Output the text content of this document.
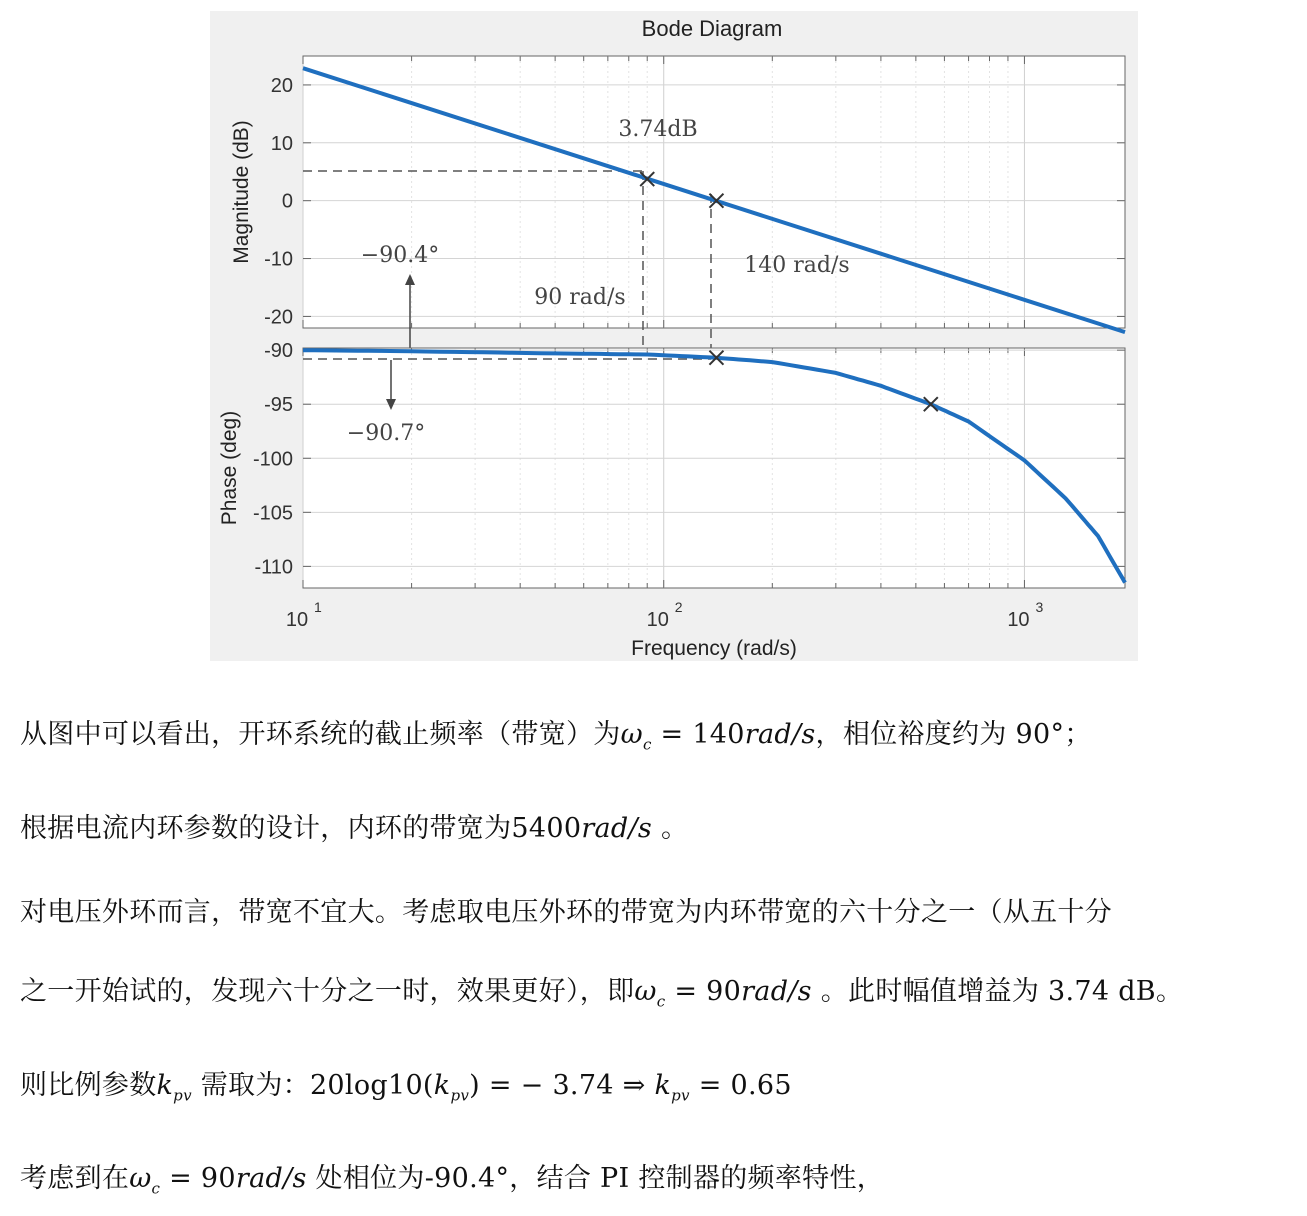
Bode Diagram
20
10
0
-10
-20
Magnitude (dB)	3.74dB
90 rad/s
140 rad/s
−90.4°
-90
-95
-100
-105
-110
Phase (deg)	−90.7°
10
1
10
2
10
3
Frequency (rad/s)
从图中可以看出，开环系统的截止频率（带宽）为$\omega_c = 140rad/s$，相位裕度约为 90°；
根据电流内环参数的设计，内环的带宽为5400rad/s 。
对电压外环而言，带宽不宜大。考虑取电压外环的带宽为内环带宽的六十分之一（从五十分
之一开始试的，发现六十分之一时，效果更好），即$\omega_c = 90rad/s$ 。此时幅值增益为 3.74 dB。
则比例参数$k_{pv}$ 需取为：$20\log 10(k_{pv})$ = − 3.74 ⇒ $k_{pv} = 0.65$
考虑到在$\omega_c = 90rad/s$ 处相位为-90.4°，结合 PI 控制器的频率特性，
